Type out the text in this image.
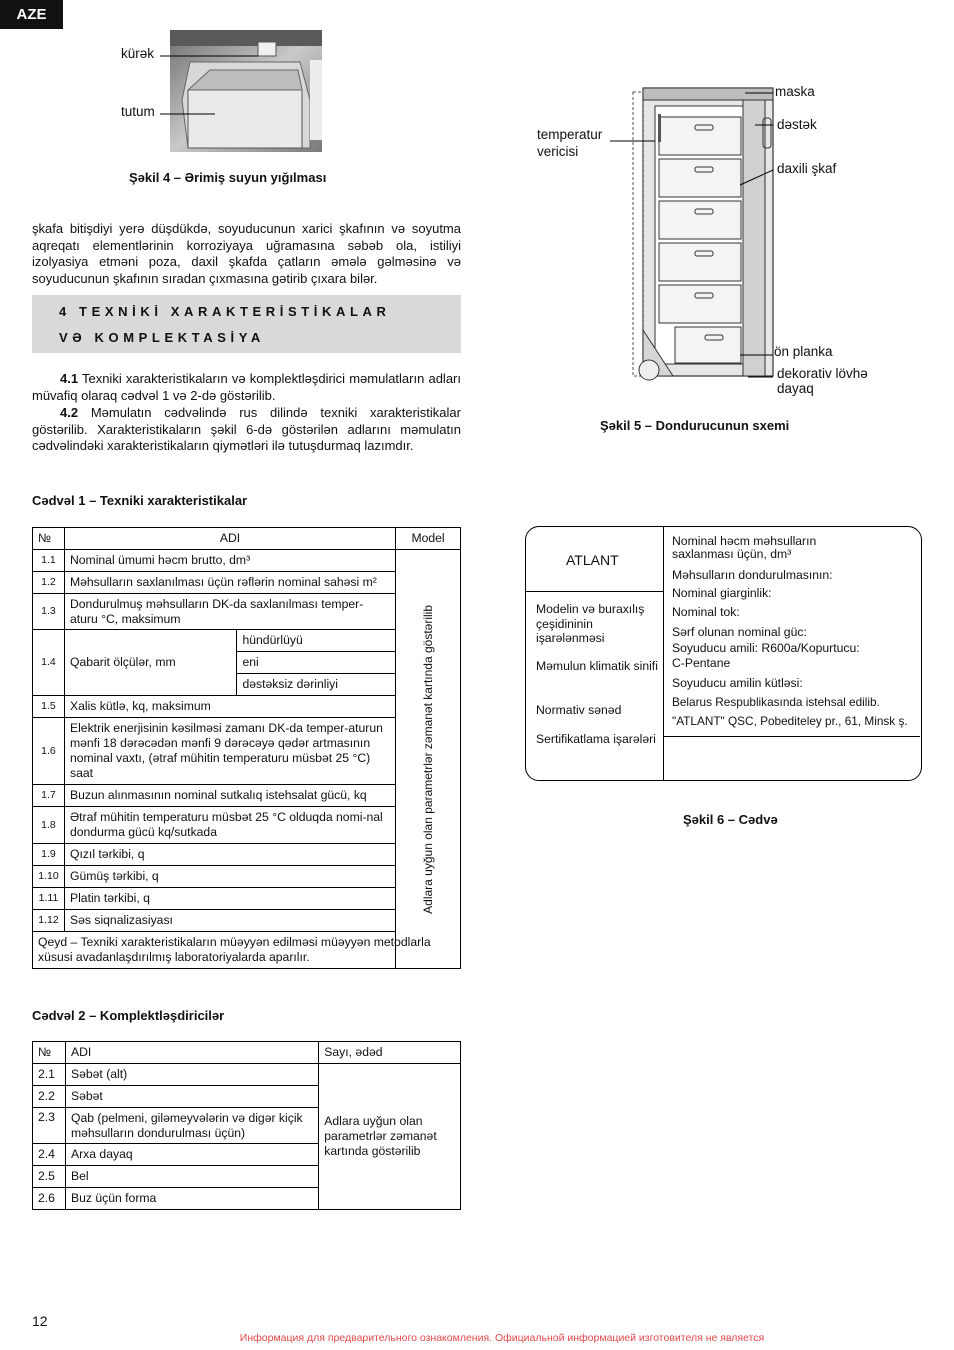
AZE
kürək
tutum
Şəkil 4 – Ərimiş suyun yığılması
şkafa bitişdiyi yerə düşdükdə, soyuducunun xarici şkafının və soyutma aqreqatı elementlərinin korroziyaya uğramasına səbəb ola, istiliyi izolyasiya etməni poza, daxil şkafda çatların əmələ gəlməsinə və soyuducunun şkafının sıradan çıxmasına gətirib çıxara bilər.
4 TEXNİKİ XARAKTERİSTİKALAR
VƏ KOMPLEKTASİYA
4.1 Texniki xarakteristikaların və komplektləşdirici məmulatların adları müvafiq olaraq cədvəl 1 və 2-də göstərilib.
4.2 Məmulatın cədvəlində rus dilində texniki xarakteristikalar göstərilib. Xarakteristikaların şəkil 6-də göstərilən adlarını məmulatın cədvəlindəki xarakteristikaların qiymətləri ilə tutuşdurmaq lazımdır.
Cədvəl 1 – Texniki xarakteristikalar
№	ADI		Model
1.1	Nominal ümumi həcm brutto, dm³		Adlara uyğun olan parametrlər zəmanət kartında göstərilib

1.2	Məhsulların saxlanılması üçün rəflərin nominal sahəsi m²		
1.3	Dondurulmuş məhsulların DK-da saxlanılması temper-aturu °C, maksimum		
1.4	Qabarit ölçülər, mm	hündürlüyü	
		eni	
		dəstəksiz dərinliyi	
1.5	Xalis kütlə, kq, maksimum		
1.6	Elektrik enerjisinin kəsilməsi zamanı DK-da temper-aturun mənfi 18 dərəcədən mənfi 9 dərəcəyə qədər artmasının nominal vaxtı, (ətraf mühitin temperaturu müsbət 25 °C) saat		
1.7	Buzun alınmasının nominal sutkalıq istehsalat gücü, kq		
1.8	Ətraf mühitin temperaturu müsbət 25 °C olduqda nomi-nal dondurma gücü kq/sutkada		
1.9	Qızıl tərkibi, q		
1.10	Gümüş tərkibi, q		
1.11	Platin tərkibi, q		
1.12	Səs siqnalizasiyası		
Qeyd – Texniki xarakteristikaların müəyyən edilməsi müəyyən metodlarla xüsusi avadanlaşdırılmış laboratoriyalarda aparılır.			
Cədvəl 2 – Komplektləşdiricilər
№	ADI	Sayı, ədəd
2.1	Səbət (alt)	Adlara uyğun olan parametrlər zəmanət kartında göstərilib
2.2	Səbət	
2.3	Qab (pelmeni, giləmeyvələrin və digər kiçik məhsulların dondurulması üçün)	
2.4	Arxa dayaq	
2.5	Bel	
2.6	Buz üçün forma	
maska
dəstək
temperatur
vericisi
daxili şkaf
ön planka
dekorativ lövhə
dayaq
Şəkil 5 – Dondurucunun sxemi
ATLANT
Modelin və buraxılış çeşidininin işarələnməsi
Məmulun klimatik sinifi
Normativ sənəd
Sertifikatlama işarələri
Nominal həcm məhsulların
saxlanması üçün, dm³
Məhsulların dondurulmasının:
Nominal giarginlik:
Nominal tok:
Sərf olunan nominal güc:
Soyuducu amili: R600a/Kopurtucu:
C-Pentane
Soyuducu amilin kütləsi:
Belarus Respublikasında istehsal edilib.
"ATLANT" QSC, Pobediteley pr., 61, Minsk ş.
Şəkil 6 – Cədvə
12
Информация для предварительного ознакомления. Официальной информацией изготовителя не является
